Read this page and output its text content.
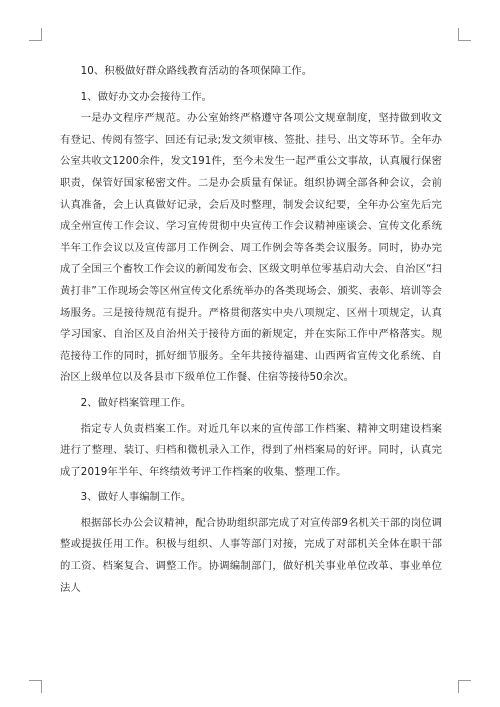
10、积极做好群众路线教育活动的各项保障工作。

1、做好办文办会接待工作。

一是办文程序严规范。办公室始终严格遵守各项公文规章制度，坚持做到收文有登记、传阅有签字、回还有记录;发文须审核、签批、挂号、出文等环节。全年办公室共收文1200余件，发文191件，至今未发生一起严重公文事故，认真履行保密职责，保管好国家秘密文件。二是办会质量有保证。组织协调全部各种会议，会前认真准备，会上认真做好记录，会后及时整理，制发会议纪要，全年办公室先后完成全州宣传工作会议、学习宣传贯彻中央宣传工作会议精神座谈会、宣传文化系统半年工作会议以及宣传部月工作例会、周工作例会等各类会议服务。同时，协办完成了全国三个畜牧工作会议的新闻发布会、区级文明单位零基启动大会、自治区“扫黄打非”工作现场会等区州宣传文化系统举办的各类现场会、颁奖、表彰、培训等会场服务。三是接待规范有提升。严格贯彻落实中央八项规定、区州十项规定，认真学习国家、自治区及自治州关于接待方面的新规定，并在实际工作中严格落实。规范接待工作的同时，抓好细节服务。全年共接待福建、山西两省宣传文化系统、自治区上级单位以及各县市下级单位工作餐、住宿等接待50余次。

2、做好档案管理工作。

指定专人负责档案工作。对近几年以来的宣传部工作档案、精神文明建设档案进行了整理、装订、归档和微机录入工作，得到了州档案局的好评。同时，认真完成了2019年半年、年终绩效考评工作档案的收集、整理工作。

3、做好人事编制工作。

根据部长办公会议精神，配合协助组织部完成了对宣传部9名机关干部的岗位调整或提拔任用工作。积极与组织、人事等部门对接，完成了对部机关全体在职干部的工资、档案复合、调整工作。协调编制部门，做好机关事业单位改革、事业单位法人
